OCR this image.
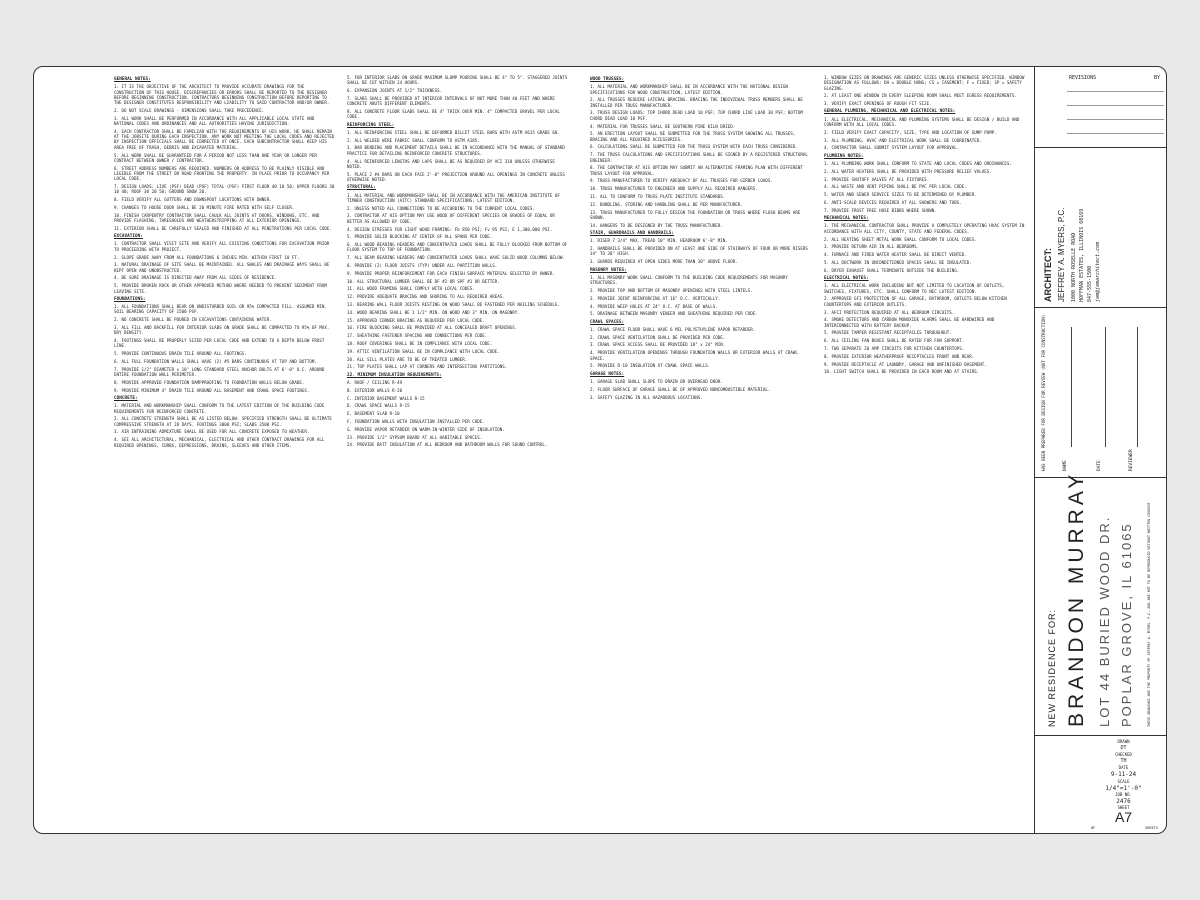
GENERAL NOTES:
1. IT IS THE OBJECTIVE OF THE ARCHITECT TO PROVIDE ACCURATE DRAWINGS FOR THE CONSTRUCTION OF THIS HOUSE. DISCREPANCIES OR ERRORS SHALL BE REPORTED TO THE DESIGNER BEFORE BEGINNING CONSTRUCTION. CONTRACTORS BEGINNING CONSTRUCTION BEFORE REPORTING TO THE DESIGNER CONSTITUTES RESPONSIBILITY AND LIABILITY TO SAID CONTRACTOR AND/OR OWNER.
2. DO NOT SCALE DRAWINGS - DIMENSIONS SHALL TAKE PRECEDENCE.
3. ALL WORK SHALL BE PERFORMED IN ACCORDANCE WITH ALL APPLICABLE LOCAL STATE AND NATIONAL CODES AND ORDINANCES AND ALL AUTHORITIES HAVING JURISDICTION.
4. EACH CONTRACTOR SHALL BE FAMILIAR WITH THE REQUIREMENTS OF HIS WORK. HE SHALL REMAIN AT THE JOBSITE DURING EACH INSPECTION. ANY WORK NOT MEETING THE LOCAL CODES AND REJECTED BY INSPECTION OFFICIALS SHALL BE CORRECTED AT ONCE. EACH SUBCONTRACTOR SHALL KEEP HIS AREA FREE OF TRASH, DEBRIS AND EXCAVATED MATERIAL.
5. ALL WORK SHALL BE GUARANTEED FOR A PERIOD NOT LESS THAN ONE YEAR OR LONGER PER CONTRACT BETWEEN OWNER / CONTRACTOR.
6. STREET ADDRESS NUMBERS ARE REQUIRED. NUMBERS OR ADDRESS TO BE PLAINLY VISIBLE AND LEGIBLE FROM THE STREET OR ROAD FRONTING THE PROPERTY. IN PLACE PRIOR TO OCCUPANCY PER LOCAL CODE.
7. DESIGN LOADS: LIVE (PSF) DEAD (PSF) TOTAL (PSF) FIRST FLOOR 40 10 50; UPPER FLOORS 30 10 40; ROOF 30 20 50; GROUND SNOW 20.
8. FIELD VERIFY ALL GUTTERS AND DOWNSPOUT LOCATIONS WITH OWNER.
9. CHANGES TO HOUSE DOOR SHALL BE 20 MINUTE FIRE RATED WITH SELF CLOSER.
10. FINISH CARPENTRY CONTRACTOR SHALL CAULK ALL JOINTS AT DOORS, WINDOWS, ETC. AND PROVIDE FLASHING, THRESHOLDS AND WEATHERSTRIPPING AT ALL EXTERIOR OPENINGS.
11. EXTERIOR SHALL BE CAREFULLY SEALED AND FINISHED AT ALL PENETRATIONS PER LOCAL CODE.
EXCAVATION:
1. CONTRACTOR SHALL VISIT SITE AND VERIFY ALL EXISTING CONDITIONS FOR EXCAVATION PRIOR TO PROCEEDING WITH PROJECT.
2. SLOPE GRADE AWAY FROM ALL FOUNDATIONS 6 INCHES MIN. WITHIN FIRST 10 FT.
3. NATURAL DRAINAGE OF SITE SHALL BE MAINTAINED. ALL SWALES AND DRAINAGE WAYS SHALL BE KEPT OPEN AND UNOBSTRUCTED.
4. BE SURE DRAINAGE IS DIRECTED AWAY FROM ALL SIDES OF RESIDENCE.
5. PROVIDE BROKEN ROCK OR OTHER APPROVED METHOD WHERE NEEDED TO PREVENT SEDIMENT FROM LEAVING SITE.
FOUNDATIONS:
1. ALL FOUNDATIONS SHALL BEAR ON UNDISTURBED SOIL OR 95% COMPACTED FILL. ASSUMED MIN. SOIL BEARING CAPACITY OF 1500 PSF.
2. NO CONCRETE SHALL BE POURED IN EXCAVATIONS CONTAINING WATER.
3. ALL FILL AND BACKFILL FOR INTERIOR SLABS ON GRADE SHALL BE COMPACTED TO 95% OF MAX. DRY DENSITY.
4. FOOTINGS SHALL BE PROPERLY SIZED PER LOCAL CODE AND EXTEND TO A DEPTH BELOW FROST LINE.
5. PROVIDE CONTINUOUS DRAIN TILE AROUND ALL FOOTINGS.
6. ALL FULL FOUNDATION WALLS SHALL HAVE (2) #5 BARS CONTINUOUS AT TOP AND BOTTOM.
7. PROVIDE 1/2" DIAMETER x 10" LONG STANDARD STEEL ANCHOR BOLTS AT 6'-0" O.C. AROUND ENTIRE FOUNDATION WALL PERIMETER.
8. PROVIDE APPROVED FOUNDATION DAMPPROOFING TO FOUNDATION WALLS BELOW GRADE.
9. PROVIDE MINIMUM 4" DRAIN TILE AROUND ALL BASEMENT AND CRAWL SPACE FOOTINGS.
CONCRETE:
1. MATERIAL AND WORKMANSHIP SHALL CONFORM TO THE LATEST EDITION OF THE BUILDING CODE REQUIREMENTS FOR REINFORCED CONCRETE.
2. ALL CONCRETE STRENGTH SHALL BE AS LISTED BELOW: SPECIFIED STRENGTH SHALL BE ULTIMATE COMPRESSIVE STRENGTH AT 28 DAYS. FOOTINGS 3000 PSI; SLABS 3500 PSI.
3. AIR ENTRAINING ADMIXTURE SHALL BE USED FOR ALL CONCRETE EXPOSED TO WEATHER.
4. SEE ALL ARCHITECTURAL, MECHANICAL, ELECTRICAL AND OTHER CONTRACT DRAWINGS FOR ALL REQUIRED OPENINGS, CURBS, DEPRESSIONS, DRAINS, SLEEVES AND OTHER ITEMS.
5. FOR INTERIOR SLABS ON GRADE MAXIMUM SLUMP POURING SHALL BE 4" TO 5". STAGGERED JOINTS SHALL BE CUT WITHIN 24 HOURS.
6. EXPANSION JOINTS AT 1/2" THICKNESS.
7. SLABS SHALL BE PROVIDED AT INTERIOR INTERVALS OF NOT MORE THAN 40 FEET AND WHERE CONCRETE ABUTS DIFFERENT ELEMENTS.
8. ALL CONCRETE FLOOR SLABS SHALL BE 4" THICK OVER MIN. 4" COMPACTED GRAVEL PER LOCAL CODE.
REINFORCING STEEL:
1. ALL REINFORCING STEEL SHALL BE DEFORMED BILLET STEEL BARS WITH ASTM A615 GRADE 60.
2. ALL WELDED WIRE FABRIC SHALL CONFORM TO ASTM A185.
3. BAR BENDING AND PLACEMENT DETAILS SHALL BE IN ACCORDANCE WITH THE MANUAL OF STANDARD PRACTICE FOR DETAILING REINFORCED CONCRETE STRUCTURES.
4. ALL REINFORCED LENGTHS AND LAPS SHALL BE AS REQUIRED BY ACI 318 UNLESS OTHERWISE NOTED.
5. PLACE 2 #4 BARS ON EACH FACE 2'-0" PROJECTION AROUND ALL OPENINGS IN CONCRETE UNLESS OTHERWISE NOTED.
STRUCTURAL:
1. ALL MATERIAL AND WORKMANSHIP SHALL BE IN ACCORDANCE WITH THE AMERICAN INSTITUTE OF TIMBER CONSTRUCTION (AITC) STANDARD SPECIFICATIONS, LATEST EDITION.
2. UNLESS NOTED ALL CONNECTIONS TO BE ACCORDING TO THE CURRENT LOCAL CODES.
3. CONTRACTOR AT HIS OPTION MAY USE WOOD OF DIFFERENT SPECIES OR GRADES OF EQUAL OR BETTER AS ALLOWED BY CODE.
4. DESIGN STRESSES FOR LIGHT WOOD FRAMING: Fb 850 PSI; Fv 95 PSI; E 1,300,000 PSI.
5. PROVIDE SOLID BLOCKING AT CENTER OF ALL SPANS PER CODE.
6. ALL WOOD BEARING HEADERS AND CONCENTRATED LOADS SHALL BE FULLY BLOCKED FROM BOTTOM OF FLOOR SYSTEM TO TOP OF FOUNDATION.
7. ALL BEAM BEARING HEADERS AND CONCENTRATED LOADS SHALL HAVE SOLID WOOD COLUMNS BELOW.
8. PROVIDE (2) FLOOR JOISTS (TYP) UNDER ALL PARTITION WALLS.
9. PROVIDE PROPER REINFORCEMENT FOR EACH FINISH SURFACE MATERIAL SELECTED BY OWNER.
10. ALL STRUCTURAL LUMBER SHALL BE DF #2 OR SPF #1 OR BETTER.
11. ALL WOOD FRAMING SHALL COMPLY WITH LOCAL CODES.
12. PROVIDE ADEQUATE BRACING AND SHORING TO ALL REQUIRED AREAS.
13. BEARING WALL FLOOR JOISTS RESTING ON WOOD SHALL BE FASTENED PER NAILING SCHEDULE.
14. WOOD BEARING SHALL BE 1 1/2" MIN. ON WOOD AND 3" MIN. ON MASONRY.
15. APPROVED CORNER BRACING AS REQUIRED PER LOCAL CODE.
16. FIRE BLOCKING SHALL BE PROVIDED AT ALL CONCEALED DRAFT OPENINGS.
17. SHEATHING FASTENER SPACING AND CONNECTIONS PER CODE.
18. ROOF COVERINGS SHALL BE IN COMPLIANCE WITH LOCAL CODE.
19. ATTIC VENTILATION SHALL BE IN COMPLIANCE WITH LOCAL CODE.
20. ALL SILL PLATES ARE TO BE OF TREATED LUMBER.
21. TOP PLATES SHALL LAP AT CORNERS AND INTERSECTING PARTITIONS.
22. MINIMUM INSULATION REQUIREMENTS:
A. ROOF / CEILING R-49
B. EXTERIOR WALLS R-20
C. INTERIOR BASEMENT WALLS R-15
D. CRAWL SPACE WALLS R-15
E. BASEMENT SLAB R-10
F. FOUNDATION WALLS WITH INSULATION INSTALLED PER CODE.
G. PROVIDE VAPOR RETARDER ON WARM-IN-WINTER SIDE OF INSULATION.
23. PROVIDE 1/2" GYPSUM BOARD AT ALL HABITABLE SPACES.
24. PROVIDE BATT INSULATION AT ALL BEDROOM AND BATHROOM WALLS FOR SOUND CONTROL.
WOOD TRUSSES:
1. ALL MATERIAL AND WORKMANSHIP SHALL BE IN ACCORDANCE WITH THE NATIONAL DESIGN SPECIFICATIONS FOR WOOD CONSTRUCTION, LATEST EDITION.
2. ALL TRUSSES REQUIRE LATERAL BRACING. BRACING THE INDIVIDUAL TRUSS MEMBERS SHALL BE INSTALLED PER TRUSS MANUFACTURER.
3. TRUSS DESIGN LOADS: TOP CHORD DEAD LOAD 10 PSF; TOP CHORD LIVE LOAD 30 PSF; BOTTOM CHORD DEAD LOAD 10 PSF.
4. MATERIAL FOR TRUSSES SHALL BE SOUTHERN PINE KILN DRIED.
5. AN ERECTION LAYOUT SHALL BE SUBMITTED FOR THE TRUSS SYSTEM SHOWING ALL TRUSSES, BRACING AND ALL REQUIRED ACCESSORIES.
6. CALCULATIONS SHALL BE SUBMITTED FOR THE TRUSS SYSTEM WITH EACH TRUSS CONSIDERED.
7. THE TRUSS CALCULATIONS AND SPECIFICATIONS SHALL BE SIGNED BY A REGISTERED STRUCTURAL ENGINEER.
8. THE CONTRACTOR AT HIS OPTION MAY SUBMIT AN ALTERNATIVE FRAMING PLAN WITH DIFFERENT TRUSS LAYOUT FOR APPROVAL.
9. TRUSS MANUFACTURER TO VERIFY ADEQUACY OF ALL TRUSSES FOR GIRDER LOADS.
10. TRUSS MANUFACTURER TO ENGINEER AND SUPPLY ALL REQUIRED HANGERS.
11. ALL TO CONFORM TO TRUSS PLATE INSTITUTE STANDARDS.
12. BUNDLING, STORING AND HANDLING SHALL BE PER MANUFACTURER.
13. TRUSS MANUFACTURER TO FULLY DESIGN THE FOUNDATION OR TRUSS WHERE FLUSH BEAMS ARE SHOWN.
14. HANGERS TO BE DESIGNED BY THE TRUSS MANUFACTURER.
STAIR, GUARDRAILS AND HANDRAILS:
1. RISER 7 3/4" MAX. TREAD 10" MIN. HEADROOM 6'-8" MIN.
2. HANDRAILS SHALL BE PROVIDED ON AT LEAST ONE SIDE OF STAIRWAYS OF FOUR OR MORE RISERS 34" TO 38" HIGH.
3. GUARDS REQUIRED AT OPEN SIDES MORE THAN 30" ABOVE FLOOR.
MASONRY NOTES:
1. ALL MASONRY WORK SHALL CONFORM TO THE BUILDING CODE REQUIREMENTS FOR MASONRY STRUCTURES.
2. PROVIDE TOP AND BOTTOM OF MASONRY OPENINGS WITH STEEL LINTELS.
3. PROVIDE JOINT REINFORCING AT 16" O.C. VERTICALLY.
4. PROVIDE WEEP HOLES AT 24" O.C. AT BASE OF WALLS.
5. DRAINAGE BETWEEN MASONRY VENEER AND SHEATHING REQUIRED PER CODE.
CRAWL SPACES:
1. CRAWL SPACE FLOOR SHALL HAVE 6 MIL POLYETHYLENE VAPOR RETARDER.
2. CRAWL SPACE VENTILATION SHALL BE PROVIDED PER CODE.
3. CRAWL SPACE ACCESS SHALL BE PROVIDED 18" x 24" MIN.
4. PROVIDE VENTILATION OPENINGS THROUGH FOUNDATION WALLS OR EXTERIOR WALLS AT CRAWL SPACE.
5. PROVIDE R-10 INSULATION AT CRAWL SPACE WALLS.
GARAGE NOTES:
1. GARAGE SLAB SHALL SLOPE TO DRAIN OR OVERHEAD DOOR.
2. FLOOR SURFACE OF GARAGE SHALL BE OF APPROVED NONCOMBUSTIBLE MATERIAL.
3. SAFETY GLAZING IN ALL HAZARDOUS LOCATIONS.
1. WINDOW SIZES ON DRAWINGS ARE GENERIC SIZES UNLESS OTHERWISE SPECIFIED. WINDOW DESIGNATION AS FOLLOWS: DH = DOUBLE HUNG; CS = CASEMENT; F = FIXED; SP = SAFETY GLAZING.
2. AT LEAST ONE WINDOW IN EVERY SLEEPING ROOM SHALL MEET EGRESS REQUIREMENTS.
3. VERIFY EXACT OPENINGS OF ROUGH FIT SIZE.
GENERAL PLUMBING, MECHANICAL AND ELECTRICAL NOTES:
1. ALL ELECTRICAL, MECHANICAL AND PLUMBING SYSTEMS SHALL BE DESIGN / BUILD AND CONFORM WITH ALL LOCAL CODES.
2. FIELD VERIFY EXACT CAPACITY, SIZE, TYPE AND LOCATION OF SUMP PUMP.
3. ALL PLUMBING, HVAC AND ELECTRICAL WORK SHALL BE COORDINATED.
4. CONTRACTOR SHALL SUBMIT SYSTEM LAYOUT FOR APPROVAL.
PLUMBING NOTES:
1. ALL PLUMBING WORK SHALL CONFORM TO STATE AND LOCAL CODES AND ORDINANCES.
2. ALL WATER HEATERS SHALL BE PROVIDED WITH PRESSURE RELIEF VALVES.
3. PROVIDE SHUTOFF VALVES AT ALL FIXTURES.
4. ALL WASTE AND VENT PIPING SHALL BE PVC PER LOCAL CODE.
5. WATER AND SEWER SERVICE SIZES TO BE DETERMINED BY PLUMBER.
6. ANTI-SCALD DEVICES REQUIRED AT ALL SHOWERS AND TUBS.
7. PROVIDE FROST FREE HOSE BIBBS WHERE SHOWN.
MECHANICAL NOTES:
1. THE MECHANICAL CONTRACTOR SHALL PROVIDE A COMPLETELY OPERATING HVAC SYSTEM IN ACCORDANCE WITH ALL CITY, COUNTY, STATE AND FEDERAL CODES.
2. ALL HEATING SHEET METAL WORK SHALL CONFORM TO LOCAL CODES.
3. PROVIDE RETURN AIR IN ALL BEDROOMS.
4. FURNACE AND FIRED WATER HEATER SHALL BE DIRECT VENTED.
5. ALL DUCTWORK IN UNCONDITIONED SPACES SHALL BE INSULATED.
6. DRYER EXHAUST SHALL TERMINATE OUTSIDE THE BUILDING.
ELECTRICAL NOTES:
1. ALL ELECTRICAL WORK INCLUDING BUT NOT LIMITED TO LOCATION OF OUTLETS, SWITCHES, FIXTURES, ETC. SHALL CONFORM TO NEC LATEST EDITION.
2. APPROVED GFI PROTECTION OF ALL GARAGE, BATHROOM, OUTLETS BELOW KITCHEN COUNTERTOPS AND EXTERIOR OUTLETS.
3. AFCI PROTECTION REQUIRED AT ALL BEDROOM CIRCUITS.
4. SMOKE DETECTORS AND CARBON MONOXIDE ALARMS SHALL BE HARDWIRED AND INTERCONNECTED WITH BATTERY BACKUP.
5. PROVIDE TAMPER RESISTANT RECEPTACLES THROUGHOUT.
6. ALL CEILING FAN BOXES SHALL BE RATED FOR FAN SUPPORT.
7. TWO SEPARATE 20 AMP CIRCUITS FOR KITCHEN COUNTERTOPS.
8. PROVIDE EXTERIOR WEATHERPROOF RECEPTACLES FRONT AND REAR.
9. PROVIDE RECEPTACLE AT LAUNDRY, GARAGE AND UNFINISHED BASEMENT.
10. LIGHT SWITCH SHALL BE PROVIDED IN EACH ROOM AND AT STAIRS.
REVISIONS	BY
ARCHITECT: JEFFREY A. MYERS, P.C. 1000 NORTH ROSELLE ROAD HOFFMAN ESTATES, ILLINOIS 60169 847-555-1500 jam@jamarchitect.com
HAS BEEN PREPARED FOR DESIGN FOR REVIEW (NOT FOR CONSTRUCTION)	NAME	DATE	REVIEWER
NEW RESIDENCE FOR: BRANDON MURRAY LOT 44 BURIED WOOD DR. POPLAR GROVE, IL 61065	THESE DRAWINGS ARE THE PROPERTY OF JEFFREY A. MYERS, P.C. AND ARE NOT TO BE REPRODUCED WITHOUT WRITTEN CONSENT
DRAWN
DT
CHECKED
TH
DATE
9-11-24
SCALE
1/4"=1'-0"
JOB NO.
2476
SHEET
A7
OF	SHEETS
